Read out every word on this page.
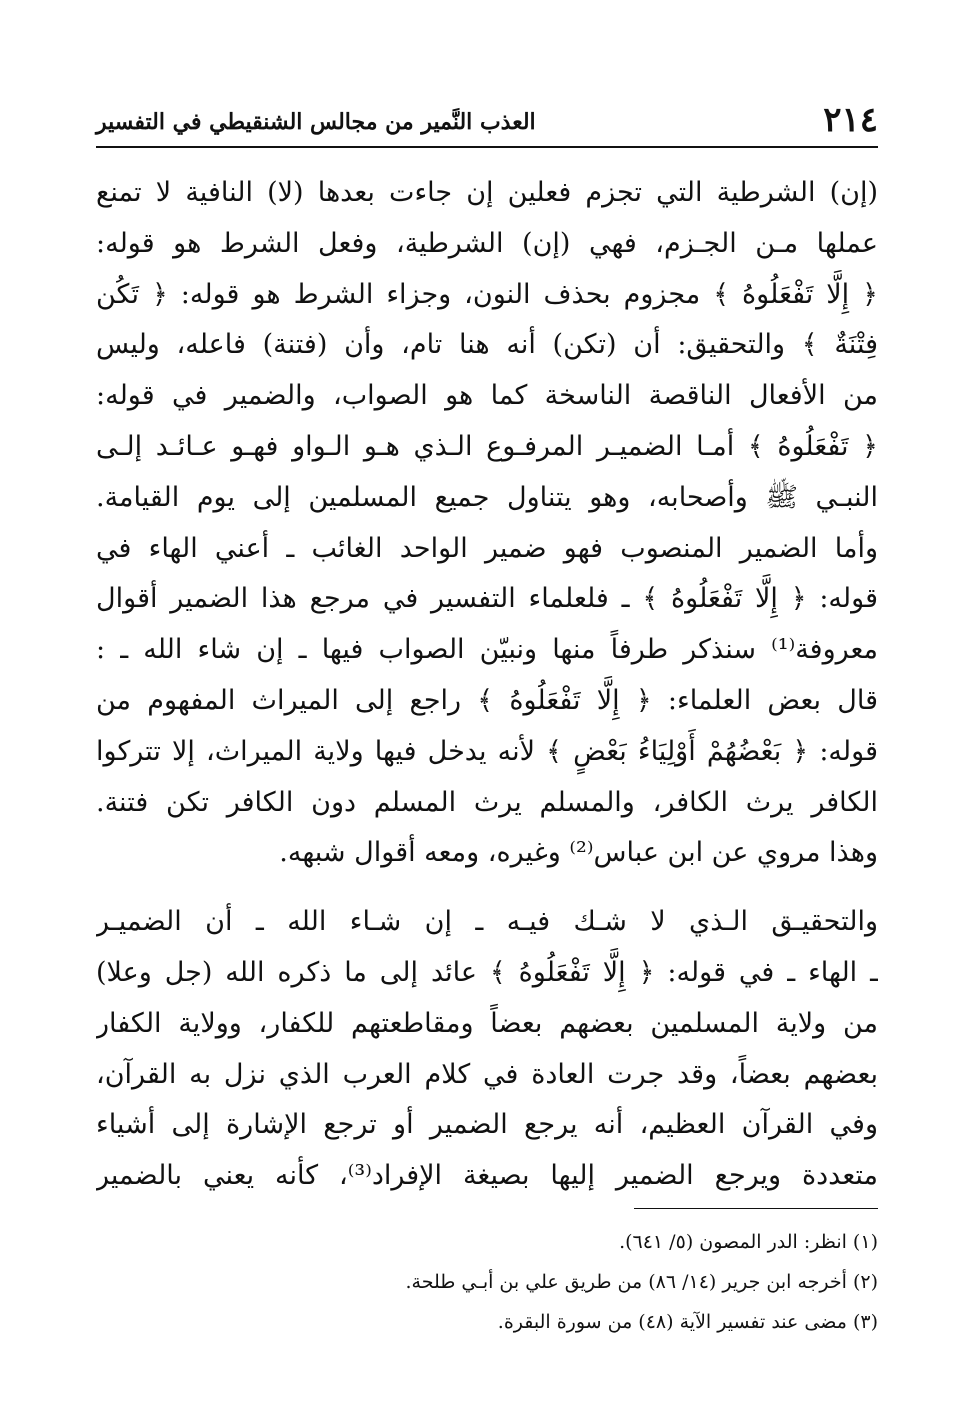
٢١٤
العذب النَّمير من مجالس الشنقيطي في التفسير
(إن) الشرطية التي تجزم فعلين إن جاءت بعدها (لا) النافية لا تمنع
عملها مـن الجـزم، فهي (إن) الشرطية، وفعل الشرط هو قوله:
﴿ إِلَّا تَفْعَلُوهُ ﴾ مجزوم بحذف النون، وجزاء الشرط هو قوله: ﴿ تَكُن
فِتْنَةٌ ﴾ والتحقيق: أن (تكن) أنه هنا تام، وأن (فتنة) فاعله، وليس
من الأفعال الناقصة الناسخة كما هو الصواب، والضمير في قوله:
﴿ تَفْعَلُوهُ ﴾ أمـا الضميـر المرفـوع الـذي هـو الـواو فهـو عـائـد إلـى
النبـي ﷺ وأصحابه، وهو يتناول جميع المسلمين إلى يوم القيامة.
وأما الضمير المنصوب فهو ضمير الواحد الغائب ـ أعني الهاء في
قوله: ﴿ إِلَّا تَفْعَلُوهُ ﴾ ـ فلعلماء التفسير في مرجع هذا الضمير أقوال
معروفة⁽¹⁾ سنذكر طرفاً منها ونبيّن الصواب فيها ـ إن شاء الله ـ :
قال بعض العلماء: ﴿ إِلَّا تَفْعَلُوهُ ﴾ راجع إلى الميراث المفهوم من
قوله: ﴿ بَعْضُهُمْ أَوْلِيَاءُ بَعْضٍ ﴾ لأنه يدخل فيها ولاية الميراث، إلا تتركوا
الكافر يرث الكافر، والمسلم يرث المسلم دون الكافر تكن فتنة.
وهذا مروي عن ابن عباس⁽²⁾ وغيره، ومعه أقوال شبهه.
والتحقيـق الـذي لا شـك فيـه ـ إن شـاء الله ـ أن الضميـر
ـ الهاء ـ في قوله: ﴿ إِلَّا تَفْعَلُوهُ ﴾ عائد إلى ما ذكره الله (جل وعلا)
من ولاية المسلمين بعضهم بعضاً ومقاطعتهم للكفار، وولاية الكفار
بعضهم بعضاً، وقد جرت العادة في كلام العرب الذي نزل به القرآن،
وفي القرآن العظيم، أنه يرجع الضمير أو ترجع الإشارة إلى أشياء
متعددة ويرجع الضمير إليها بصيغة الإفراد⁽³⁾، كأنه يعني بالضمير
(١) انظر: الدر المصون (٥/ ٦٤١).
(٢) أخرجه ابن جرير (١٤/ ٨٦) من طريق علي بن أبـي طلحة.
(٣) مضى عند تفسير الآية (٤٨) من سورة البقرة.
